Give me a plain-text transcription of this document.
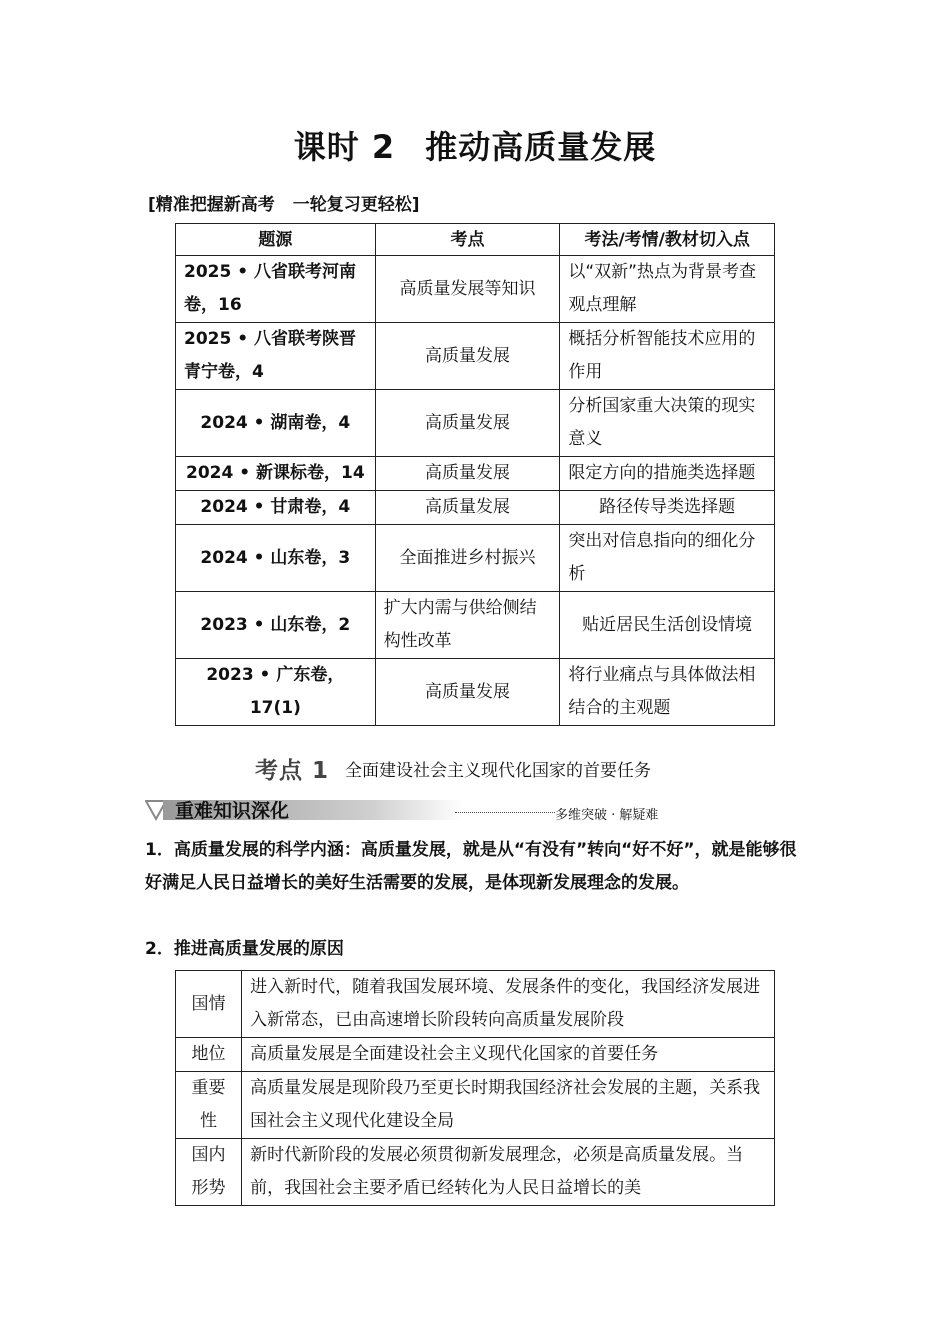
课时 2 推动高质量发展
[精准把握新高考 一轮复习更轻松]
题源	考点	考法/考情/教材切入点
2025 • 八省联考河南卷，16	高质量发展等知识	以“双新”热点为背景考查观点理解
2025 • 八省联考陕晋青宁卷，4	高质量发展	概括分析智能技术应用的作用
2024 • 湖南卷，4	高质量发展	分析国家重大决策的现实意义
2024 • 新课标卷，14	高质量发展	限定方向的措施类选择题
2024 • 甘肃卷，4	高质量发展	路径传导类选择题
2024 • 山东卷，3	全面推进乡村振兴	突出对信息指向的细化分析
2023 • 山东卷，2	扩大内需与供给侧结构性改革	贴近居民生活创设情境
2023 • 广东卷，17(1)	高质量发展	将行业痛点与具体做法相结合的主观题
考点 1 全面建设社会主义现代化国家的首要任务
重难知识深化	多维突破 · 解疑难
1．高质量发展的科学内涵：高质量发展，就是从“有没有”转向“好不好”，就是能够很好满足人民日益增长的美好生活需要的发展，是体现新发展理念的发展。
2．推进高质量发展的原因
国情	进入新时代，随着我国发展环境、发展条件的变化，我国经济发展进入新常态，已由高速增长阶段转向高质量发展阶段
地位	高质量发展是全面建设社会主义现代化国家的首要任务
重要性	高质量发展是现阶段乃至更长时期我国经济社会发展的主题，关系我国社会主义现代化建设全局
国内形势	新时代新阶段的发展必须贯彻新发展理念，必须是高质量发展。当前，我国社会主要矛盾已经转化为人民日益增长的美
